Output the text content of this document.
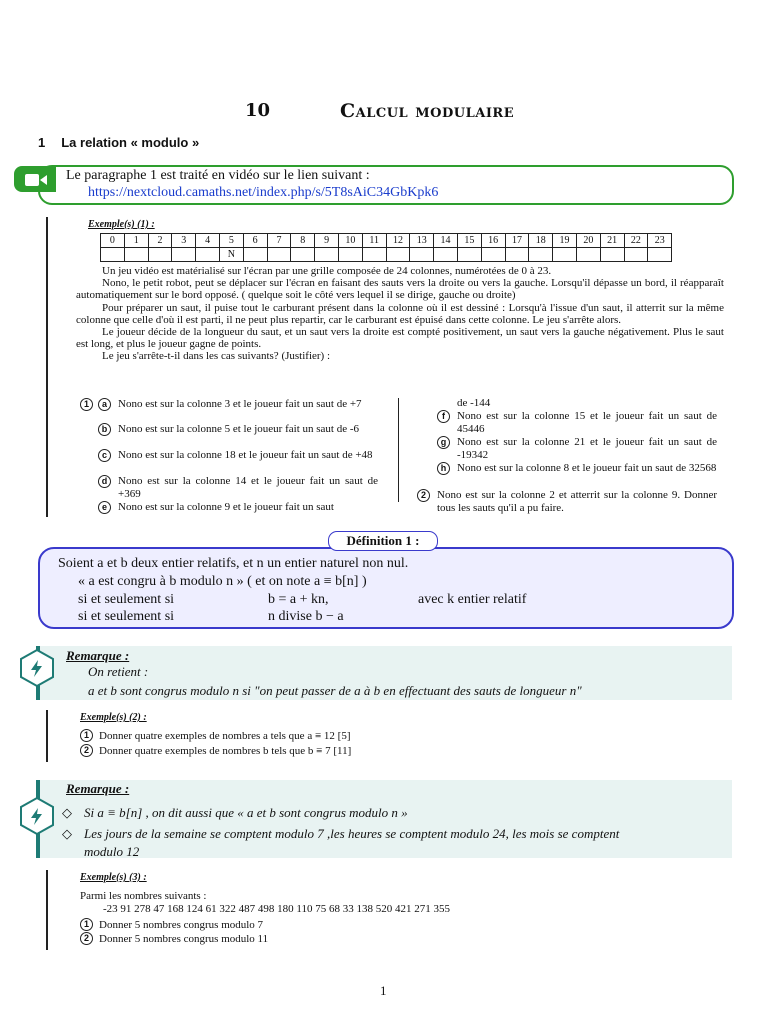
10	Calcul modulaire
1 La relation « modulo »
Le paragraphe 1 est traité en vidéo sur le lien suivant :
https://nextcloud.camaths.net/index.php/s/5T8sAiC34GbKpk6
Exemple(s) (1) :
0	1	2	3	4	5	6	7	8	9	10	11	12	13	14	15	16	17	18	19	20	21	22	23
					N																		
Un jeu vidéo est matérialisé sur l'écran par une grille composée de 24 colonnes, numérotées de 0 à 23.
Nono, le petit robot, peut se déplacer sur l'écran en faisant des sauts vers la droite ou vers la gauche. Lorsqu'il dépasse un bord, il réapparaît automatiquement sur le bord opposé. ( quelque soit le côté vers lequel il se dirige, gauche ou droite)
Pour préparer un saut, il puise tout le carburant présent dans la colonne où il est dessiné : Lorsqu'à l'issue d'un saut, il atterrit sur la même colonne que celle d'où il est parti, il ne peut plus repartir, car le carburant est épuisé dans cette colonne. Le jeu s'arrête alors.
Le joueur décide de la longueur du saut, et un saut vers la droite est compté positivement, un saut vers la gauche négativement. Plus le saut est long, et plus le joueur gagne de points.
Le jeu s'arrête-t-il dans les cas suivants? (Justifier) :
1	a	Nono est sur la colonne 3 et le joueur fait un saut de +7
b Nono est sur la colonne 5 et le joueur fait un saut de -6
c	Nono est sur la colonne 18 et le joueur fait un saut de +48
d Nono est sur la colonne 14 et le joueur fait un saut de +369
e	Nono est sur la colonne 9 et le joueur fait un saut
de -144
f	Nono est sur la colonne 15 et le joueur fait un saut de 45446
g Nono est sur la colonne 21 et le joueur fait un saut de -19342
h Nono est sur la colonne 8 et le joueur fait un saut de 32568
2	Nono est sur la colonne 2 et atterrit sur la colonne 9. Donner tous les sauts qu'il a pu faire.
Définition 1 :
Soient a et b deux entier relatifs, et n un entier naturel non nul.
« a est congru à b modulo n » ( et on note a ≡ b[n] )
si et seulement si	b = a + kn,	avec k entier relatif
si et seulement si	n divise b − a
Remarque :
On retient :
a et b sont congrus modulo n si "on peut passer de a à b en effectuant des sauts de longueur n"
Exemple(s) (2) :
1 Donner quatre exemples de nombres a tels que a ≡ 12 [5]
2 Donner quatre exemples de nombres b tels que b ≡ 7 [11]
Remarque :
◇ Si a ≡ b[n] , on dit aussi que « a et b sont congrus modulo n »
◇ Les jours de la semaine se comptent modulo 7 ,les heures se comptent modulo 24, les mois se comptent
modulo 12
Exemple(s) (3) :
Parmi les nombres suivants :
-23 91 278 47 168 124 61 322 487 498 180 110 75 68 33 138 520 421 271 355
1 Donner 5 nombres congrus modulo 7
2 Donner 5 nombres congrus modulo 11
1
